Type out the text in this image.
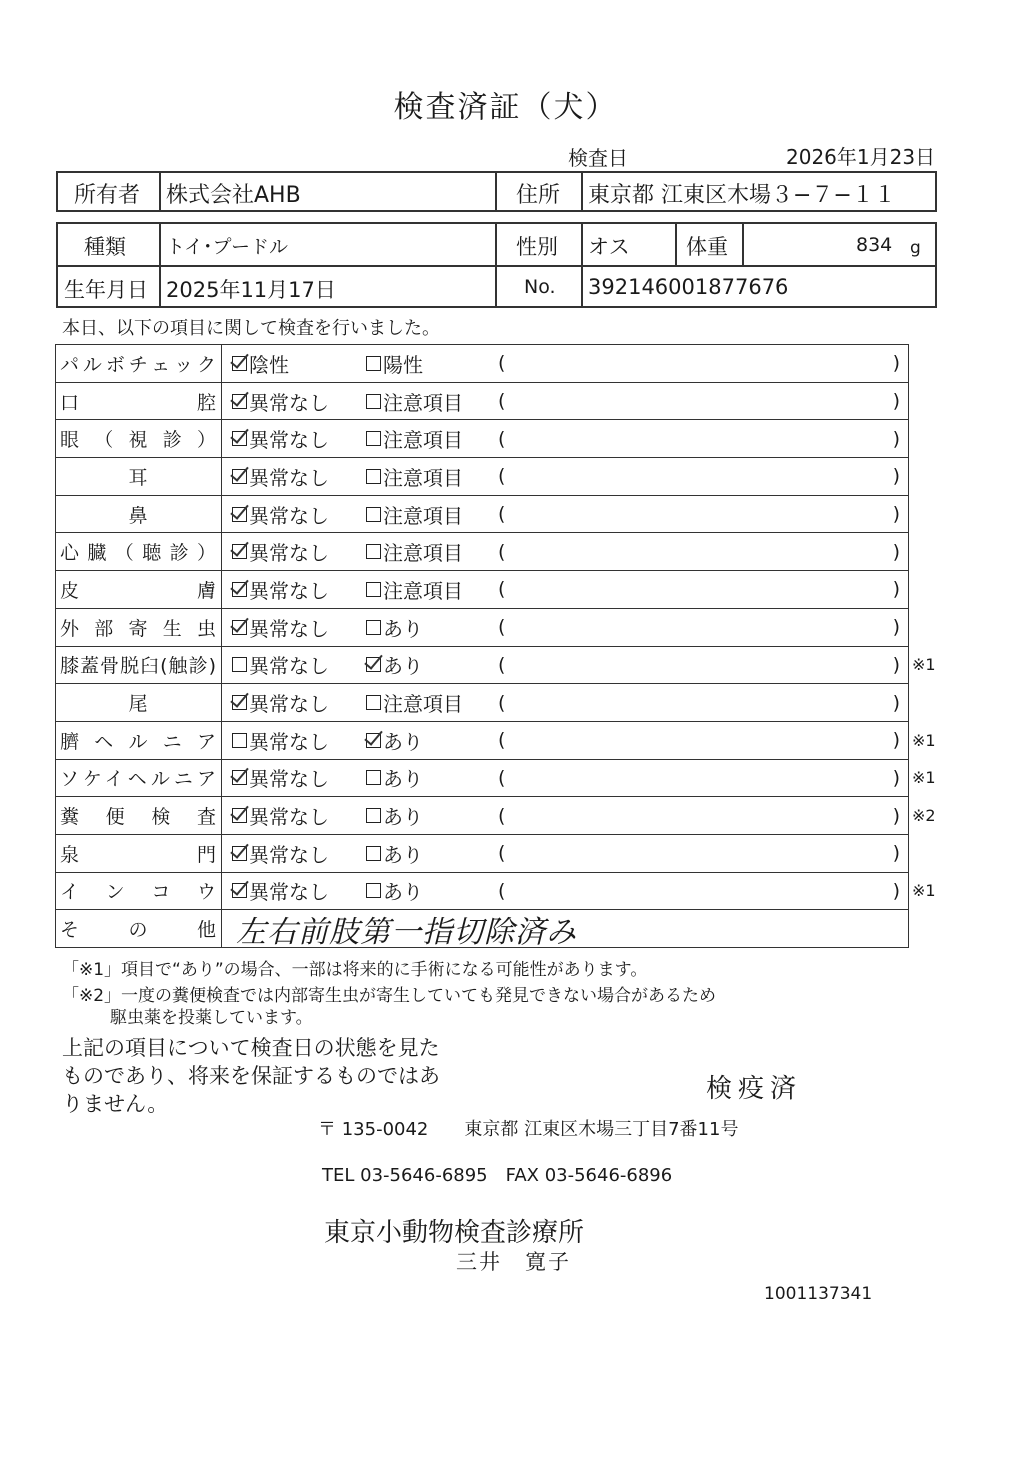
検査済証（犬）
検査日	2026年1月23日
所有者 株式会社AHB	住所 東京都 江東区木場３−７−１１
種類 トイ･プードル	性別 オス	体重	834 g
生年月日 2025年11月17日	No. 392146001877676
本日、以下の項目に関して検査を行いました。
パルボチェック 陰性	陽性	(	)
口腔 異常なし	注意項目 (	)
眼（視診） 異常なし	注意項目 (	)
耳	異常なし	注意項目 (	)
鼻	異常なし	注意項目 (	)
心臓（聴診） 異常なし	注意項目 (	)
皮膚 異常なし	注意項目 (	)
外部寄生虫 異常なし	あり	(	)
膝蓋骨脱臼(触診) 異常なし	あり	(	) ※1
尾	異常なし	注意項目 (	)
臍ヘルニア 異常なし	あり	(	) ※1
ソケイヘルニア 異常なし	あり	(	) ※1
糞便検査 異常なし	あり	(	) ※2
泉門 異常なし	あり	(	)
インコウ 異常なし	あり	(	) ※1
その他 左右前肢第一指切除済み
「※1」項目で“あり”の場合、一部は将来的に手術になる可能性があります。
「※2」一度の糞便検査では内部寄生虫が寄生していても発見できない場合があるため
駆虫薬を投薬しています。
上記の項目について検査日の状態を見たものであり、将来を保証するものではありません。	検疫済
〒 135-0042　　東京都 江東区木場三丁目7番11号
TEL 03-5646-6895　FAX 03-5646-6896
東京小動物検査診療所
三井　寛子
1001137341
